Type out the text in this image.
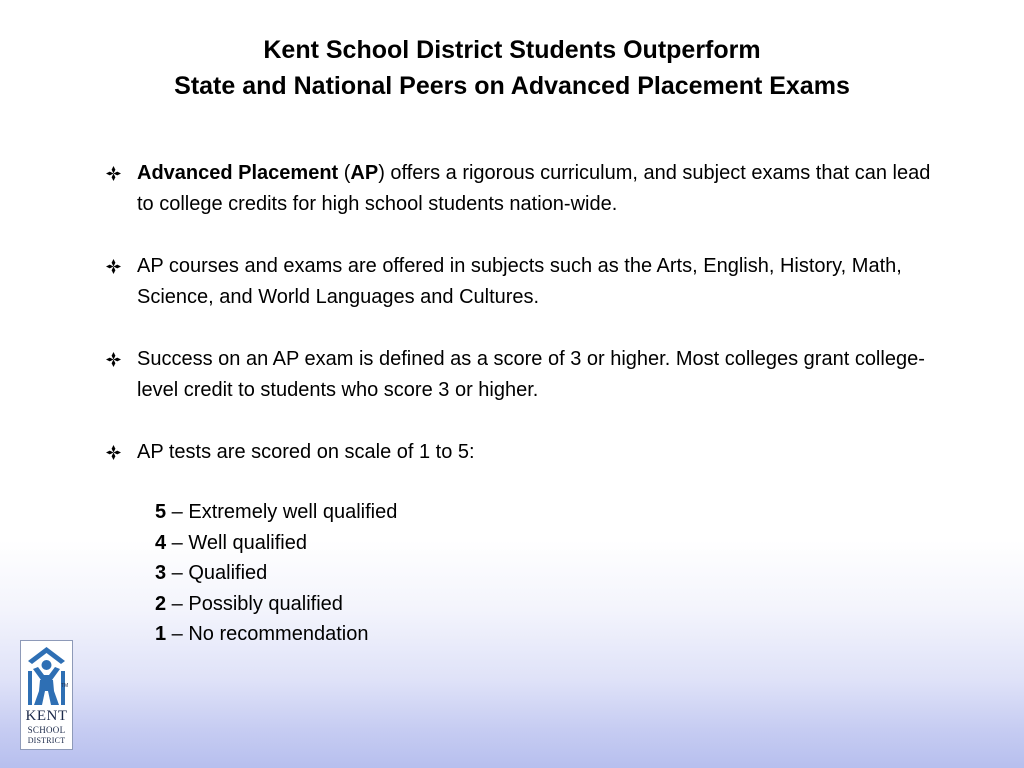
Kent School District Students Outperform
State and National Peers on Advanced Placement Exams
Advanced Placement (AP) offers a rigorous curriculum, and subject exams that can lead to college credits for high school students nation-wide.
AP courses and exams are offered in subjects such as the Arts, English, History, Math, Science, and World Languages and Cultures.
Success on an AP exam is defined as a score of 3 or higher. Most colleges grant college-level credit to students who score 3 or higher.
AP tests are scored on scale of 1 to 5:
5 – Extremely well qualified
4 – Well qualified
3 – Qualified
2 – Possibly qualified
1 – No recommendation
TM
KENT
SCHOOL
DISTRICT
